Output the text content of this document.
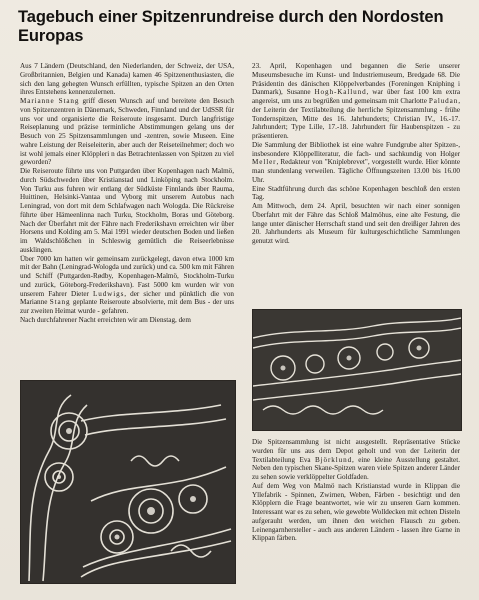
Tagebuch einer Spitzenrundreise durch den Nordosten Europas

Aus 7 Ländern (Deutschland, den Niederlanden, der Schweiz, der USA, Großbritannien, Belgien und Kanada) kamen 46 Spitzenenthusiasten, die sich den lang gehegten Wunsch erfüllten, typische Spitzen an den Orten ihres Entstehens kennenzulernen.

Marianne Stang griff diesen Wunsch auf und bereitete den Besuch von Spitzenzentren in Dänemark, Schweden, Finnland und der UdSSR für uns vor und organisierte die Reiseroute insgesamt. Durch langfristige Reiseplanung und präzise terminliche Abstimmungen gelang uns der Besuch von 25 Spitzensammlungen und -zentren, sowie Museen. Eine wahre Leistung der Reiseleiterin, aber auch der Reiseteilnehmer; doch wo ist wohl jemals einer Klöppleri n das Betrachtenlassen von Spitzen zu viel geworden?

Die Reiseroute führte uns von Puttgarden über Kopenhagen nach Malmö, durch Südschweden über Kristianstad und Linköping nach Stockholm. Von Turku aus fuhren wir entlang der Südküste Finnlands über Rauma, Huittinen, Helsinki-Vantaa und Vyborg mit unserem Autobus nach Leningrad, von dort mit dem Schlafwagen nach Wologda. Die Rückreise führte über Hämeenlinna nach Turku, Stockholm, Boras und Göteborg. Nach der Überfahrt mit der Fähre nach Frederikshavn erreichten wir über Horsens und Kolding am 5. Mai 1991 wieder deutschen Boden und ließen im Waldschlößchen in Schleswig gemütlich die Reiseerlebnisse ausklingen.

Über 7000 km hatten wir gemeinsam zurückgelegt, davon etwa 1000 km mit der Bahn (Leningrad-Wologda und zurück) und ca. 500 km mit Fähren und Schiff (Puttgarden-Rødby, Kopenhagen-Malmö, Stockholm-Turku und zurück, Göteborg-Frederikshavn). Fast 5000 km wurden wir von unserem Fahrer Dieter Ludwigs, der sicher und pünktlich die von Marianne Stang geplante Reiseroute absolvierte, mit dem Bus - der uns zur zweiten Heimat wurde - gefahren.

Nach durchfahrener Nacht erreichten wir am Dienstag, dem

23. April, Kopenhagen und begannen die Serie unserer Museumsbesuche im Kunst- und Industriemuseum, Bredgade 68. Die Präsidentin des dänischen Klöppelverbandes (Foreningen Kniphing i Danmark), Susanne Hogh-Kallund, war über fast 100 km extra angereist, um uns zu begrüßen und gemeinsam mit Charlotte Paludan, der Leiterin der Textilabteilung die herrliche Spitzensammlung - frühe Tondernspitzen, Mitte des 16. Jahrhunderts; Christian IV., 16.-17. Jahrhundert; Type Lille, 17.-18. Jahrhundert für Haubenspitzen - zu präsentieren.

Die Sammlung der Bibliothek ist eine wahre Fundgrube alter Spitzen-, insbesondere Klöppelliteratur, die fach- und sachkundig von Holger Meller, Redakteur von "Kniplebrevet", vorgestellt wurde. Hier könnte man stundenlang verweilen. Tägliche Öffnungszeiten 13.00 bis 16.00 Uhr.

Eine Stadtführung durch das schöne Kopenhagen beschloß den ersten Tag.

Am Mittwoch, dem 24. April, besuchten wir nach einer sonnigen Überfahrt mit der Fähre das Schloß Malmöhus, eine alte Festung, die lange unter dänischer Herrschaft stand und seit den dreißiger Jahren des 20. Jahrhunderts als Museum für kulturgeschichtliche Sammlungen genutzt wird.

Die Spitzensammlung ist nicht ausgestellt. Repräsentative Stücke wurden für uns aus dem Depot geholt und von der Leiterin der Textilabteilung Eva Björklund, eine kleine Ausstellung gestaltet. Neben den typischen Skane-Spitzen waren viele Spitzen anderer Länder zu sehen sowie verklöppelter Goldfaden.

Auf dem Weg von Malmö nach Kristianstad wurde in Klippan die Yllefabrik - Spinnen, Zwirnen, Weben, Färben - besichtigt und den Klöpplern die Frage beantwortet, wie wir zu unseren Garn kommen. Interessant war es zu sehen, wie gewebte Wolldecken mit echten Disteln aufgerauht werden, um ihnen den weichen Flausch zu geben. Leinengarnhersteller - auch aus anderen Ländern - lassen ihre Garne in Klippan färben.
